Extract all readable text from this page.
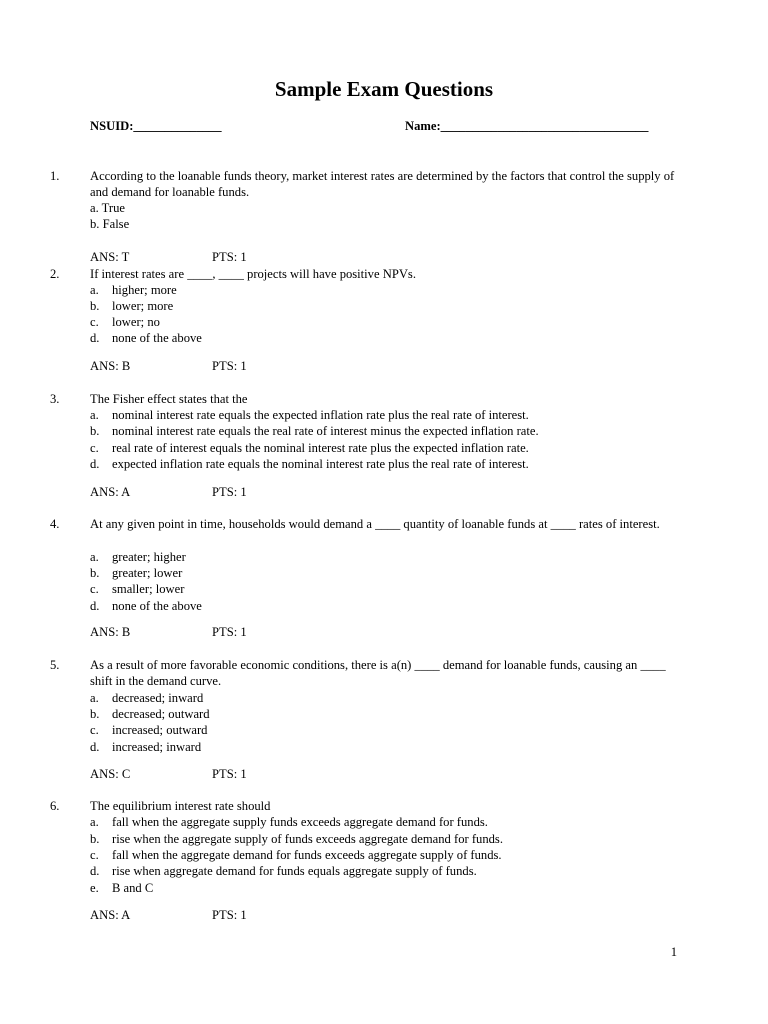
Sample Exam Questions
NSUID:______________	Name:_________________________________
1. According to the loanable funds theory, market interest rates are determined by the factors that control the supply of and demand for loanable funds.
a. True
b. False
ANS: T	PTS: 1
2. If interest rates are ____, ____ projects will have positive NPVs.
a. higher; more
b. lower; more
c. lower; no
d. none of the above
ANS: B	PTS: 1
3. The Fisher effect states that the
a. nominal interest rate equals the expected inflation rate plus the real rate of interest.
b. nominal interest rate equals the real rate of interest minus the expected inflation rate.
c. real rate of interest equals the nominal interest rate plus the expected inflation rate.
d. expected inflation rate equals the nominal interest rate plus the real rate of interest.
ANS: A	PTS: 1
4. At any given point in time, households would demand a ____ quantity of loanable funds at ____ rates of interest.
a. greater; higher
b. greater; lower
c. smaller; lower
d. none of the above
ANS: B	PTS: 1
5. As a result of more favorable economic conditions, there is a(n) ____ demand for loanable funds, causing an ____ shift in the demand curve.
a. decreased; inward
b. decreased; outward
c. increased; outward
d. increased; inward
ANS: C	PTS: 1
6. The equilibrium interest rate should
a. fall when the aggregate supply funds exceeds aggregate demand for funds.
b. rise when the aggregate supply of funds exceeds aggregate demand for funds.
c. fall when the aggregate demand for funds exceeds aggregate supply of funds.
d. rise when aggregate demand for funds equals aggregate supply of funds.
e. B and C
ANS: A	PTS: 1
1
